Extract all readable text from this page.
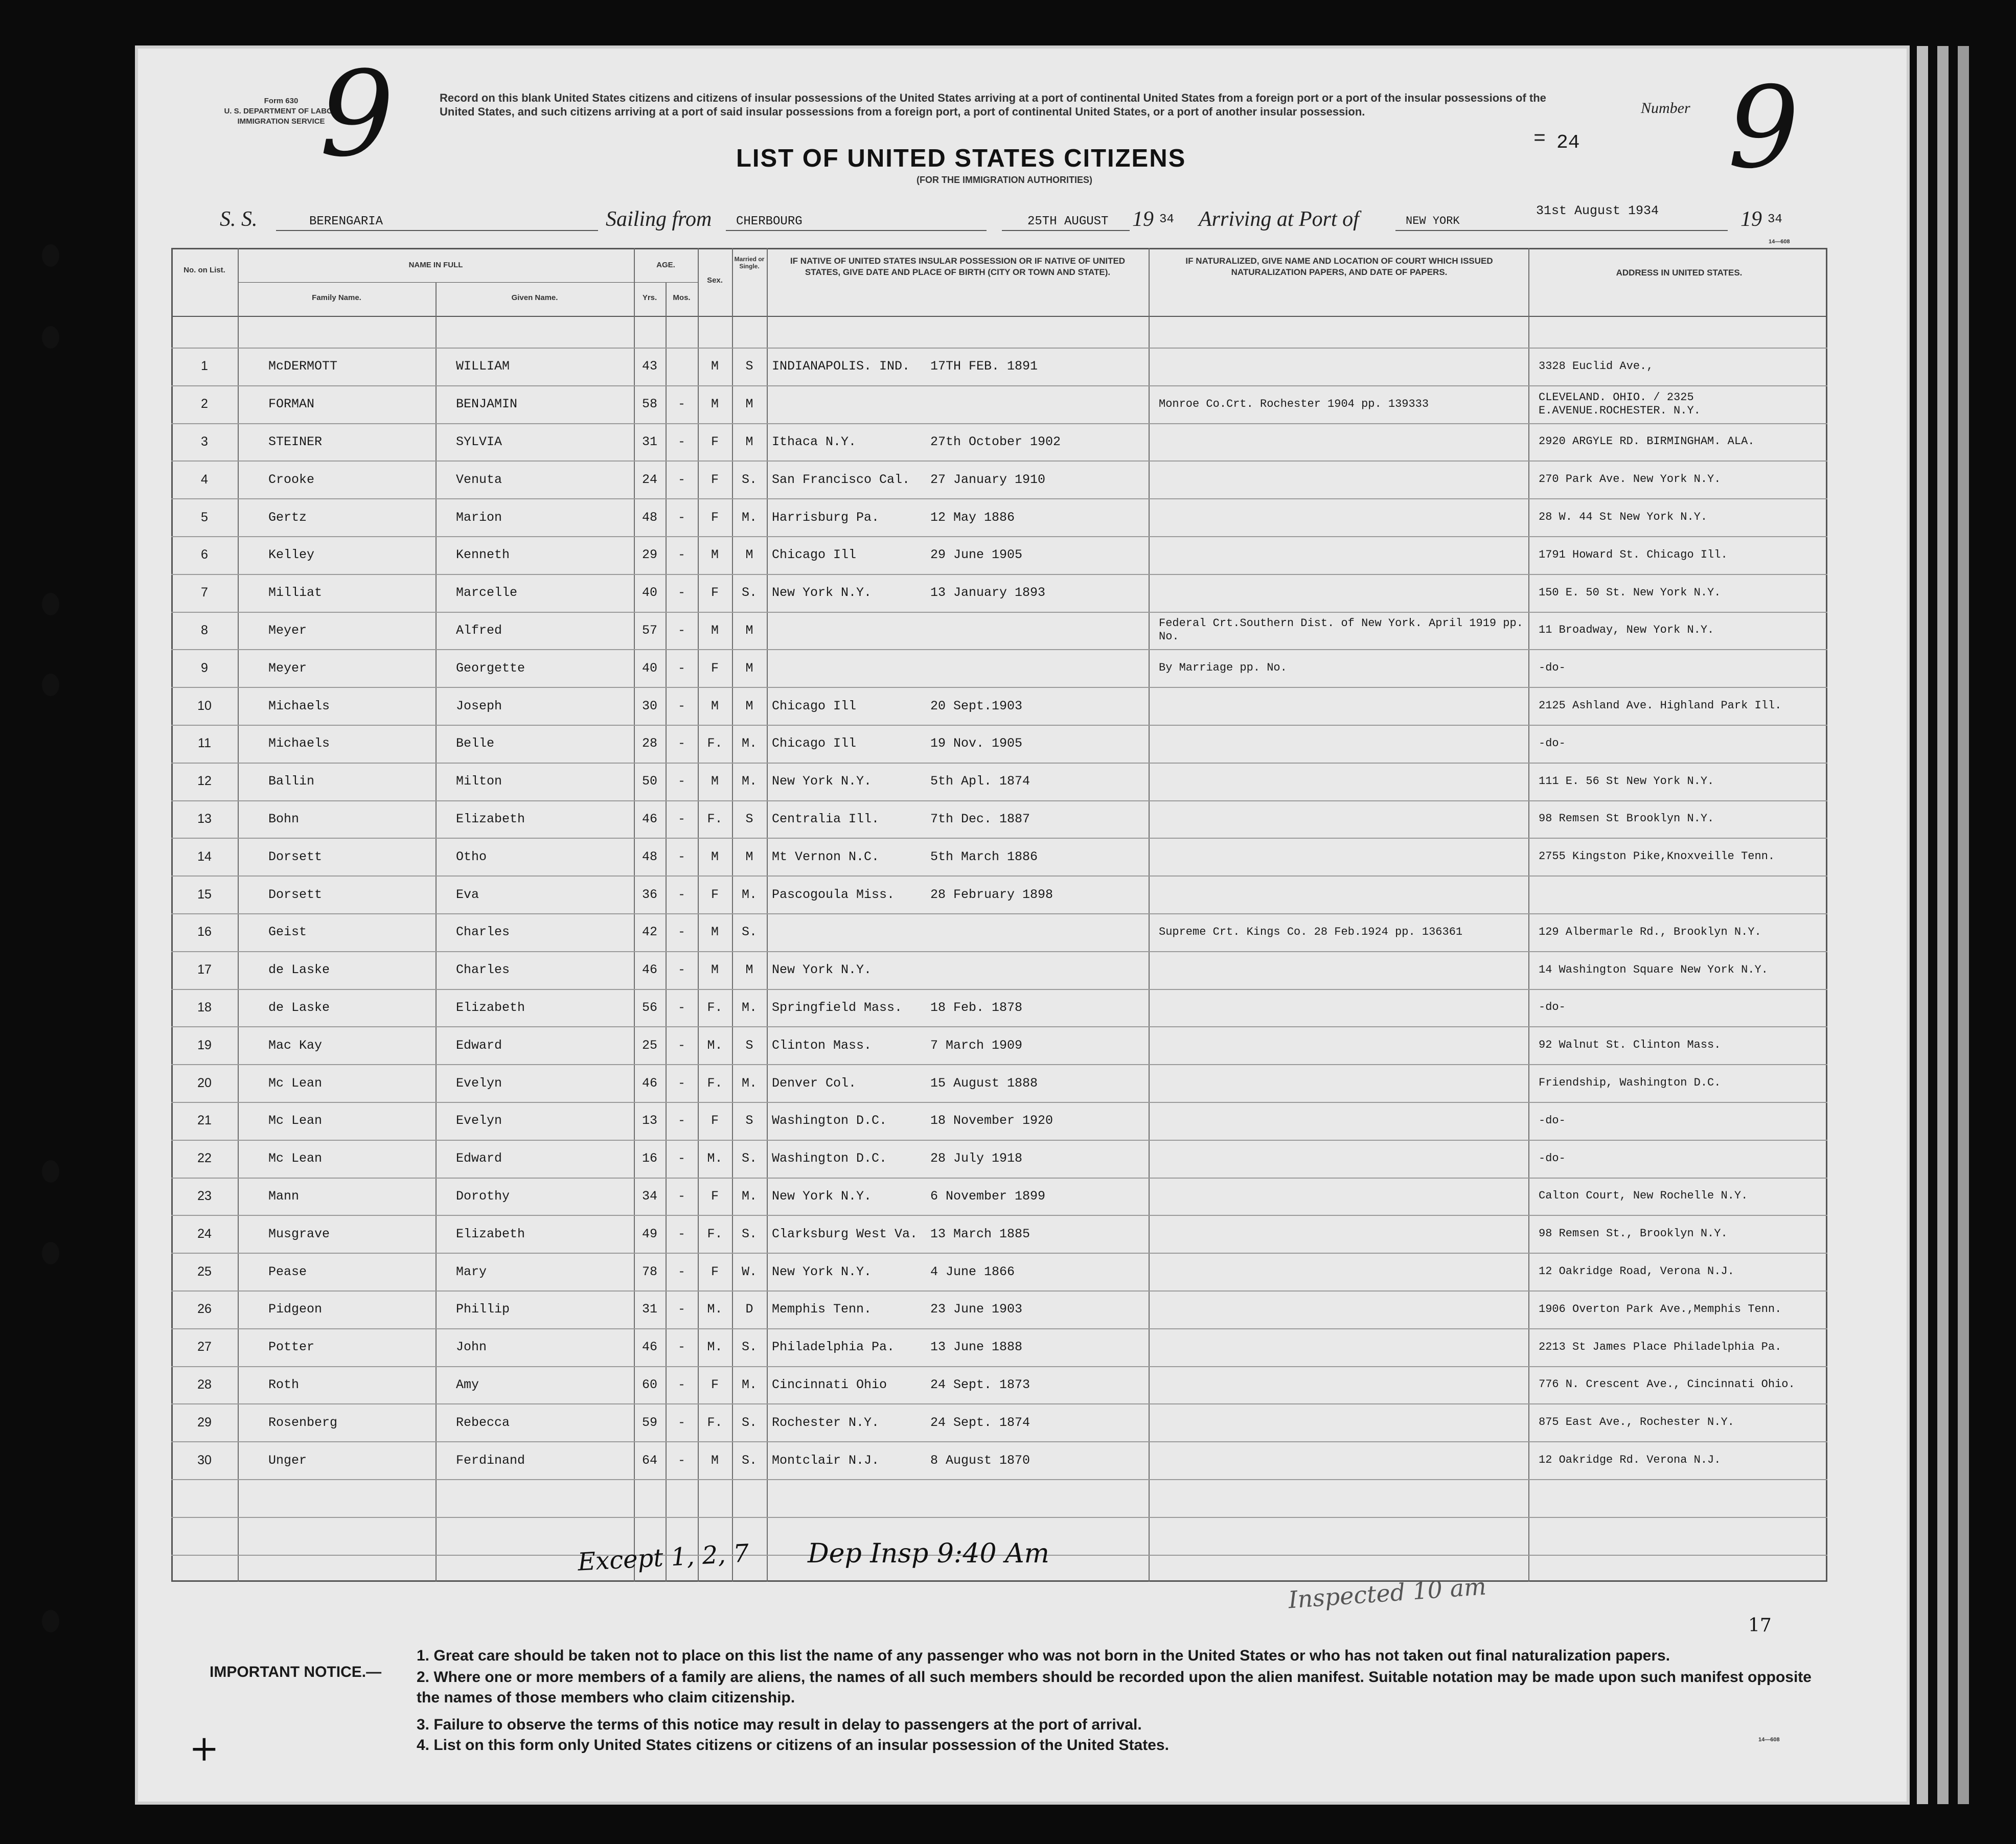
Form 630
U. S. DEPARTMENT OF LABOR
IMMIGRATION SERVICE
9	Record on this blank United States citizens and citizens of insular possessions of the United States arriving at a port of continental United States from a foreign port or a port of the insular possessions of the United States, and such citizens arriving at a port of said insular possessions from a foreign port, a port of continental United States, or a port of another insular possession.	Number 9
= 24
LIST OF UNITED STATES CITIZENS
(FOR THE IMMIGRATION AUTHORITIES)
S. S.	BERENGARIA	Sailing from CHERBOURG	25TH AUGUST 19 34 Arriving at Port of	NEW YORK
31st August 1934	19 34
14—608
No. on List.
NAME IN FULL
Family Name.	Given Name.
AGE.
Yrs.	Mos.
Sex.
Married or Single.
IF NATIVE OF UNITED STATES INSULAR POSSESSION OR IF NATIVE OF UNITED STATES, GIVE DATE AND PLACE OF BIRTH (CITY OR TOWN AND STATE).
IF NATURALIZED, GIVE NAME AND LOCATION OF COURT WHICH ISSUED NATURALIZATION PAPERS, AND DATE OF PAPERS.	ADDRESS IN UNITED STATES.
1	McDERMOTT	WILLIAM	43		M	S	INDIANAPOLIS. IND.	17TH FEB. 1891		3328 Euclid Ave.,
2	FORMAN	BENJAMIN	58	-	M	M			Monroe Co.Crt. Rochester 1904 pp. 139333	CLEVELAND. OHIO. / 2325 E.AVENUE.ROCHESTER. N.Y.
3	STEINER	SYLVIA	31	-	F	M	Ithaca N.Y.	27th October 1902		2920 ARGYLE RD. BIRMINGHAM. ALA.
4	Crooke	Venuta	24	-	F	S.	San Francisco Cal.	27 January 1910		270 Park Ave. New York N.Y.
5	Gertz	Marion	48	-	F	M.	Harrisburg Pa.	12 May 1886		28 W. 44 St New York N.Y.
6	Kelley	Kenneth	29	-	M	M	Chicago Ill	29 June 1905		1791 Howard St. Chicago Ill.
7	Milliat	Marcelle	40	-	F	S.	New York N.Y.	13 January 1893		150 E. 50 St. New York N.Y.
8	Meyer	Alfred	57	-	M	M			Federal Crt.Southern Dist. of New York. April 1919 pp. No.	11 Broadway, New York N.Y.
9	Meyer	Georgette	40	-	F	M			By Marriage pp. No.	-do-
10	Michaels	Joseph	30	-	M	M	Chicago Ill	20 Sept.1903		2125 Ashland Ave. Highland Park Ill.
11	Michaels	Belle	28	-	F.	M.	Chicago Ill	19 Nov. 1905		-do-
12	Ballin	Milton	50	-	M	M.	New York N.Y.	5th Apl. 1874		111 E. 56 St New York N.Y.
13	Bohn	Elizabeth	46	-	F.	S	Centralia Ill.	7th Dec. 1887		98 Remsen St Brooklyn N.Y.
14	Dorsett	Otho	48	-	M	M	Mt Vernon N.C.	5th March 1886		2755 Kingston Pike,Knoxveille Tenn.
15	Dorsett	Eva	36	-	F	M.	Pascogoula Miss.	28 February 1898		
16	Geist	Charles	42	-	M	S.			Supreme Crt. Kings Co. 28 Feb.1924 pp. 136361	129 Albermarle Rd., Brooklyn N.Y.
17	de Laske	Charles	46	-	M	M	New York N.Y.			14 Washington Square New York N.Y.
18	de Laske	Elizabeth	56	-	F.	M.	Springfield Mass.	18 Feb. 1878		-do-
19	Mac Kay	Edward	25	-	M.	S	Clinton Mass.	7 March 1909		92 Walnut St. Clinton Mass.
20	Mc Lean	Evelyn	46	-	F.	M.	Denver Col.	15 August 1888		Friendship, Washington D.C.
21	Mc Lean	Evelyn	13	-	F	S	Washington D.C.	18 November 1920		-do-
22	Mc Lean	Edward	16	-	M.	S.	Washington D.C.	28 July 1918		-do-
23	Mann	Dorothy	34	-	F	M.	New York N.Y.	6 November 1899		Calton Court, New Rochelle N.Y.
24	Musgrave	Elizabeth	49	-	F.	S.	Clarksburg West Va.	13 March 1885		98 Remsen St., Brooklyn N.Y.
25	Pease	Mary	78	-	F	W.	New York N.Y.	4 June 1866		12 Oakridge Road, Verona N.J.
26	Pidgeon	Phillip	31	-	M.	D	Memphis Tenn.	23 June 1903		1906 Overton Park Ave.,Memphis Tenn.
27	Potter	John	46	-	M.	S.	Philadelphia Pa.	13 June 1888		2213 St James Place Philadelphia Pa.
28	Roth	Amy	60	-	F	M.	Cincinnati Ohio	24 Sept. 1873		776 N. Crescent Ave., Cincinnati Ohio.
29	Rosenberg	Rebecca	59	-	F.	S.	Rochester N.Y.	24 Sept. 1874		875 East Ave., Rochester N.Y.
30	Unger	Ferdinand	64	-	M	S.	Montclair N.J.	8 August 1870		12 Oakridge Rd. Verona N.J.
Except 1, 2, 7 Dep Insp 9:40 Am
Inspected 10 am
17
+
IMPORTANT NOTICE.—
1. Great care should be taken not to place on this list the name of any passenger who was not born in the United States or who has not taken out final naturalization papers.
2. Where one or more members of a family are aliens, the names of all such members should be recorded upon the alien manifest. Suitable notation may be made upon such manifest opposite the names of those members who claim citizenship.
3. Failure to observe the terms of this notice may result in delay to passengers at the port of arrival.
4. List on this form only United States citizens or citizens of an insular possession of the United States.	14—608
